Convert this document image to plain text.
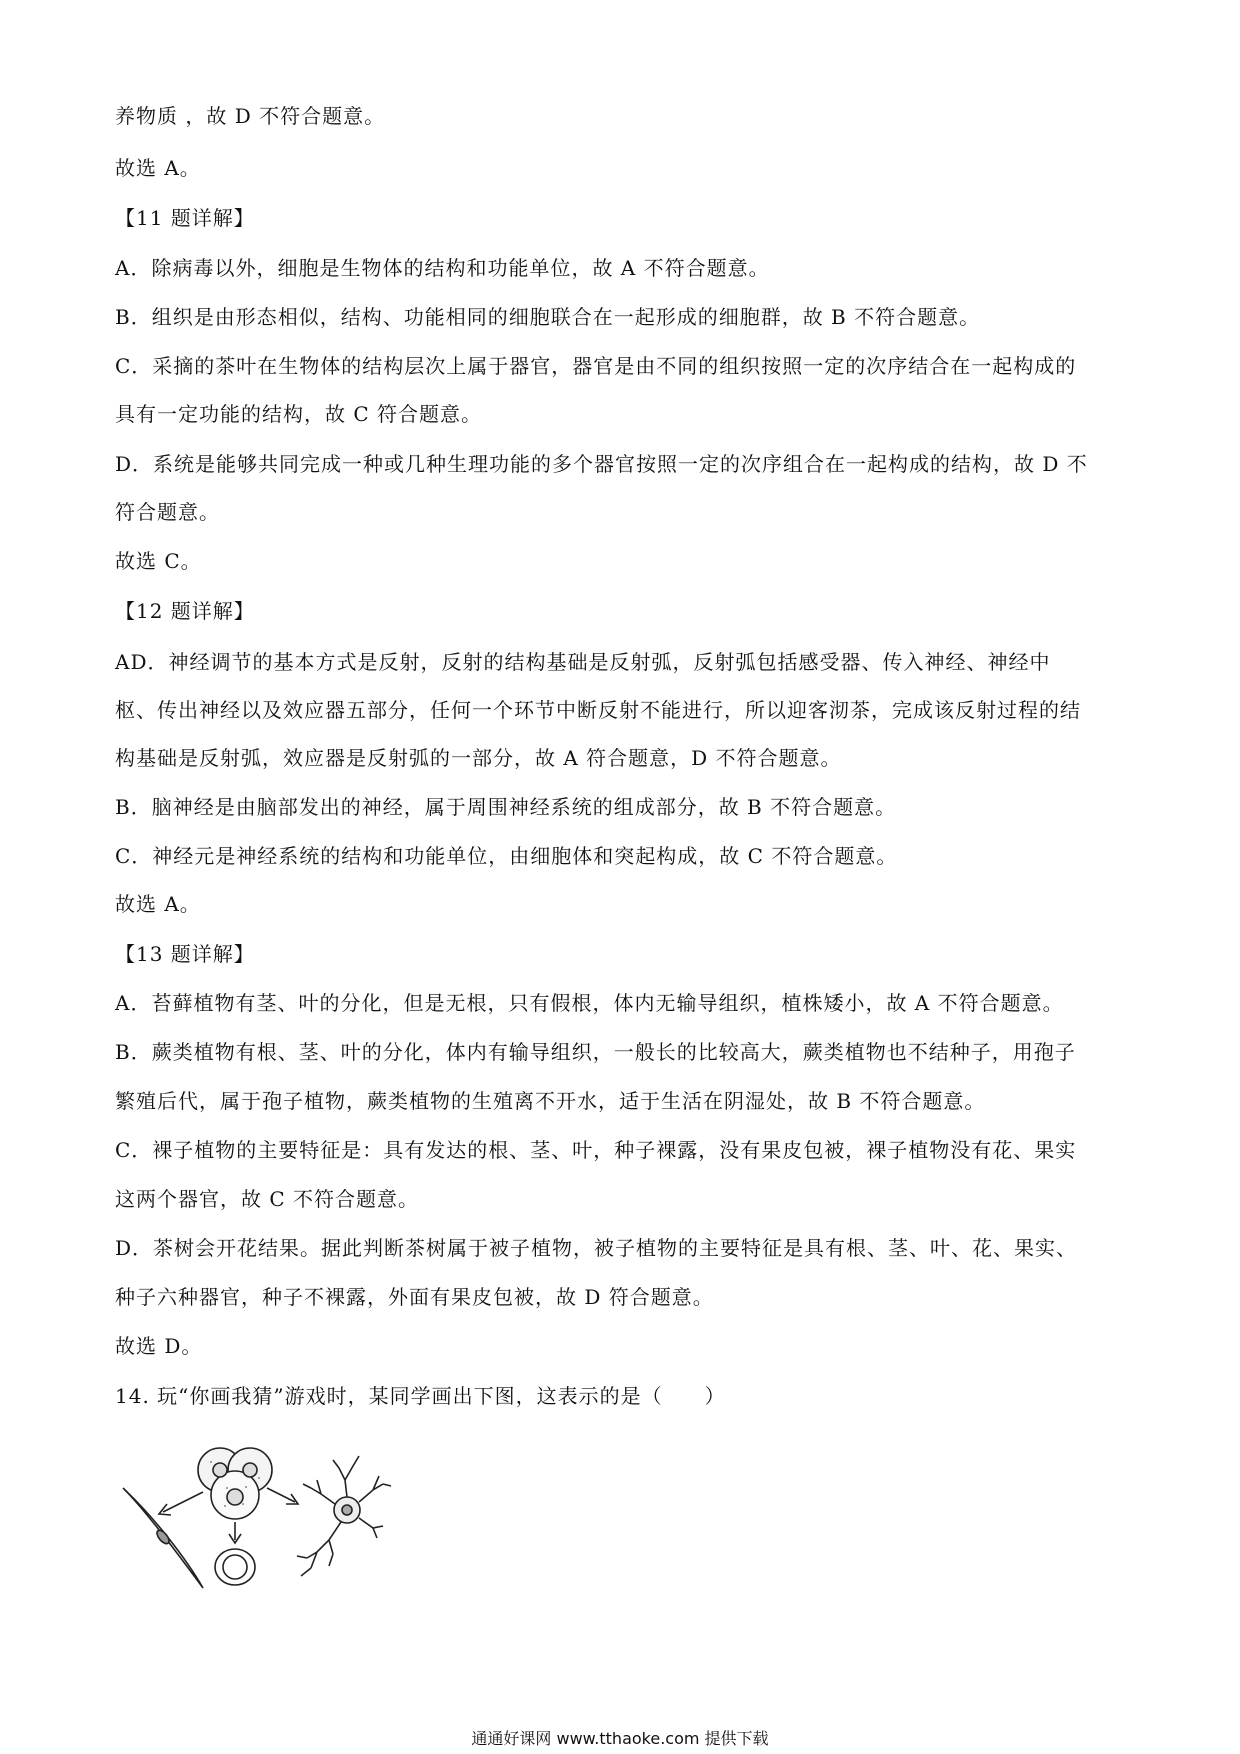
养物质 ，故 D 不符合题意。
故选 A。
【11 题详解】
A．除病毒以外，细胞是生物体的结构和功能单位，故 A 不符合题意。
B．组织是由形态相似，结构、功能相同的细胞联合在一起形成的细胞群，故 B 不符合题意。
C．采摘的茶叶在生物体的结构层次上属于器官，器官是由不同的组织按照一定的次序结合在一起构成的
具有一定功能的结构，故 C 符合题意。
D．系统是能够共同完成一种或几种生理功能的多个器官按照一定的次序组合在一起构成的结构，故 D 不
符合题意。
故选 C。
【12 题详解】
AD．神经调节的基本方式是反射，反射的结构基础是反射弧，反射弧包括感受器、传入神经、神经中
枢、传出神经以及效应器五部分，任何一个环节中断反射不能进行，所以迎客沏茶，完成该反射过程的结
构基础是反射弧，效应器是反射弧的一部分，故 A 符合题意，D 不符合题意。
B．脑神经是由脑部发出的神经，属于周围神经系统的组成部分，故 B 不符合题意。
C．神经元是神经系统的结构和功能单位，由细胞体和突起构成，故 C 不符合题意。
故选 A。
【13 题详解】
A．苔藓植物有茎、叶的分化，但是无根，只有假根，体内无输导组织，植株矮小，故 A 不符合题意。
B．蕨类植物有根、茎、叶的分化，体内有输导组织，一般长的比较高大，蕨类植物也不结种子，用孢子
繁殖后代，属于孢子植物，蕨类植物的生殖离不开水，适于生活在阴湿处，故 B 不符合题意。
C．裸子植物的主要特征是：具有发达的根、茎、叶，种子裸露，没有果皮包被，裸子植物没有花、果实
这两个器官，故 C 不符合题意。
D．茶树会开花结果。据此判断茶树属于被子植物，被子植物的主要特征是具有根、茎、叶、花、果实、
种子六种器官，种子不裸露，外面有果皮包被，故 D 符合题意。
故选 D。
14. 玩“你画我猜”游戏时，某同学画出下图，这表示的是（　　）
通通好课网 www.tthaoke.com 提供下载
